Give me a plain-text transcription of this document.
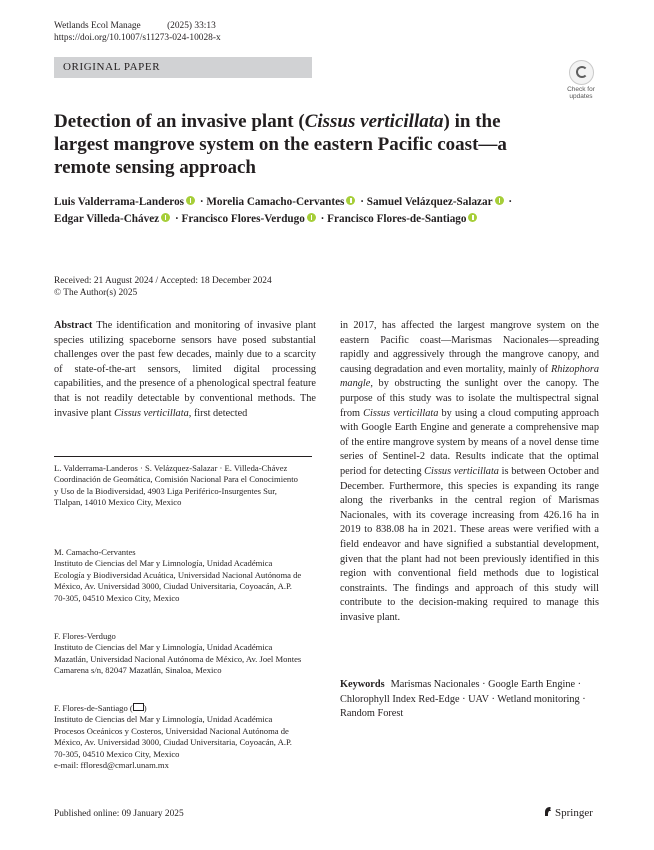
Wetlands Ecol Manage	(2025) 33:13
https://doi.org/10.1007/s11273-024-10028-x
ORIGINAL PAPER
Check for
updates
Detection of an invasive plant (Cissus verticillata) in the largest mangrove system on the eastern Pacific coast—a remote sensing approach
Luis Valderrama-Landeros · Morelia Camacho-Cervantes · Samuel Velázquez-Salazar ·
Edgar Villeda-Chávez · Francisco Flores-Verdugo · Francisco Flores-de-Santiago
Received: 21 August 2024 / Accepted: 18 December 2024
© The Author(s) 2025
Abstract The identification and monitoring of invasive plant species utilizing spaceborne sensors have posed substantial challenges over the past few decades, mainly due to a scarcity of state-of-the-art sensors, limited digital processing capabilities, and the presence of a phenological spectral feature that is not readily detectable by conventional methods. The invasive plant Cissus verticillata, first detected

L. Valderrama-Landeros · S. Velázquez-Salazar · E. Villeda-Chávez

Coordinación de Geomática, Comisión Nacional Para el Conocimiento y Uso de la Biodiversidad, 4903 Liga Periférico-Insurgentes Sur, Tlalpan, 14010 Mexico City, Mexico

M. Camacho-Cervantes

Instituto de Ciencias del Mar y Limnología, Unidad Académica Ecología y Biodiversidad Acuática, Universidad Nacional Autónoma de México, Av. Universidad 3000, Ciudad Universitaria, Coyoacán, A.P. 70-305, 04510 Mexico City, Mexico

F. Flores-Verdugo

Instituto de Ciencias del Mar y Limnología, Unidad Académica Mazatlán, Universidad Nacional Autónoma de México, Av. Joel Montes Camarena s/n, 82047 Mazatlán, Sinaloa, Mexico

F. Flores-de-Santiago ( )

Instituto de Ciencias del Mar y Limnología, Unidad Académica Procesos Oceánicos y Costeros, Universidad Nacional Autónoma de México, Av. Universidad 3000, Ciudad Universitaria, Coyoacán, A.P. 70-305, 04510 Mexico City, Mexico

e-mail: ffloresd@cmarl.unam.mx

in 2017, has affected the largest mangrove system on the eastern Pacific coast—Marismas Nacionales—spreading rapidly and aggressively through the mangrove canopy, and causing degradation and even mortality, mainly of Rhizophora mangle, by obstructing the sunlight over the canopy. The purpose of this study was to isolate the multispectral signal from Cissus verticillata by using a cloud computing approach with Google Earth Engine and generate a comprehensive map of the entire mangrove system by means of a novel dense time series of Sentinel-2 data. Results indicate that the optimal period for detecting Cissus verticillata is between October and December. Furthermore, this species is expanding its range along the riverbanks in the central region of Marismas Nacionales, with its coverage increasing from 426.16 ha in 2019 to 838.08 ha in 2021. These areas were verified with a field endeavor and have signified a substantial development, given that the plant had not been previously identified in this region with conventional field methods due to logistical constraints. The findings and approach of this study will contribute to the decision-making required to manage this invasive plant.
Keywords Marismas Nacionales · Google Earth Engine · Chlorophyll Index Red-Edge · UAV · Wetland monitoring · Random Forest
Published online: 09 January 2025	Springer
